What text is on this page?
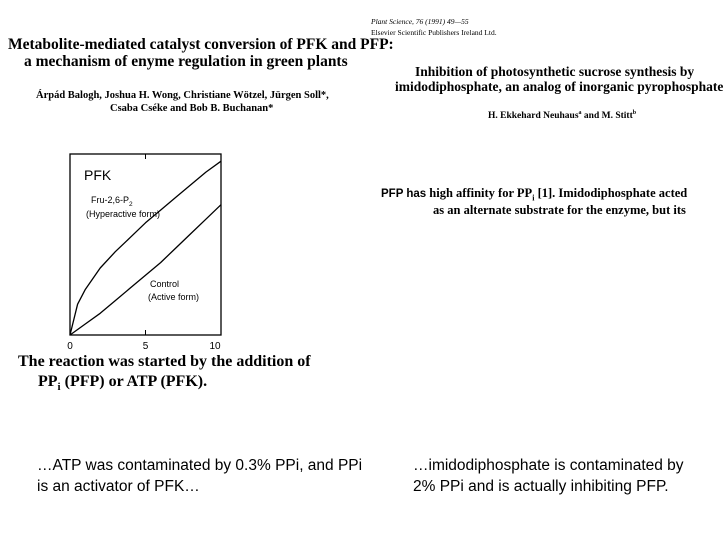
Metabolite-mediated catalyst conversion of PFK and PFP:
a mechanism of enyme regulation in green plants
Árpád Balogh, Joshua H. Wong, Christiane Wötzel, Jürgen Soll*,
Csaba Cséke and Bob B. Buchanan*
Plant Science, 76 (1991) 49—55
Elsevier Scientific Publishers Ireland Ltd.
Inhibition of photosynthetic sucrose synthesis by
imidodiphosphate, an analog of inorganic pyrophosphate
H. Ekkehard Neuhaus$^a$ and M. Stitt$^b$
PFP has high affinity for $PP_i$ [1]. Imidodiphosphate acted
as an alternate substrate for the enzyme, but its
PFK
Fru-$2,6-P_2$
(Hyperactive form)
Control
(Active form)
0	5	10
The reaction was started by the addition of
$PP_i$ (PFP) or ATP (PFK).
…ATP was contaminated by 0.3% PPi, and PPi is an activator of PFK…
…imidodiphosphate is contaminated by 2% PPi and is actually inhibiting PFP.
